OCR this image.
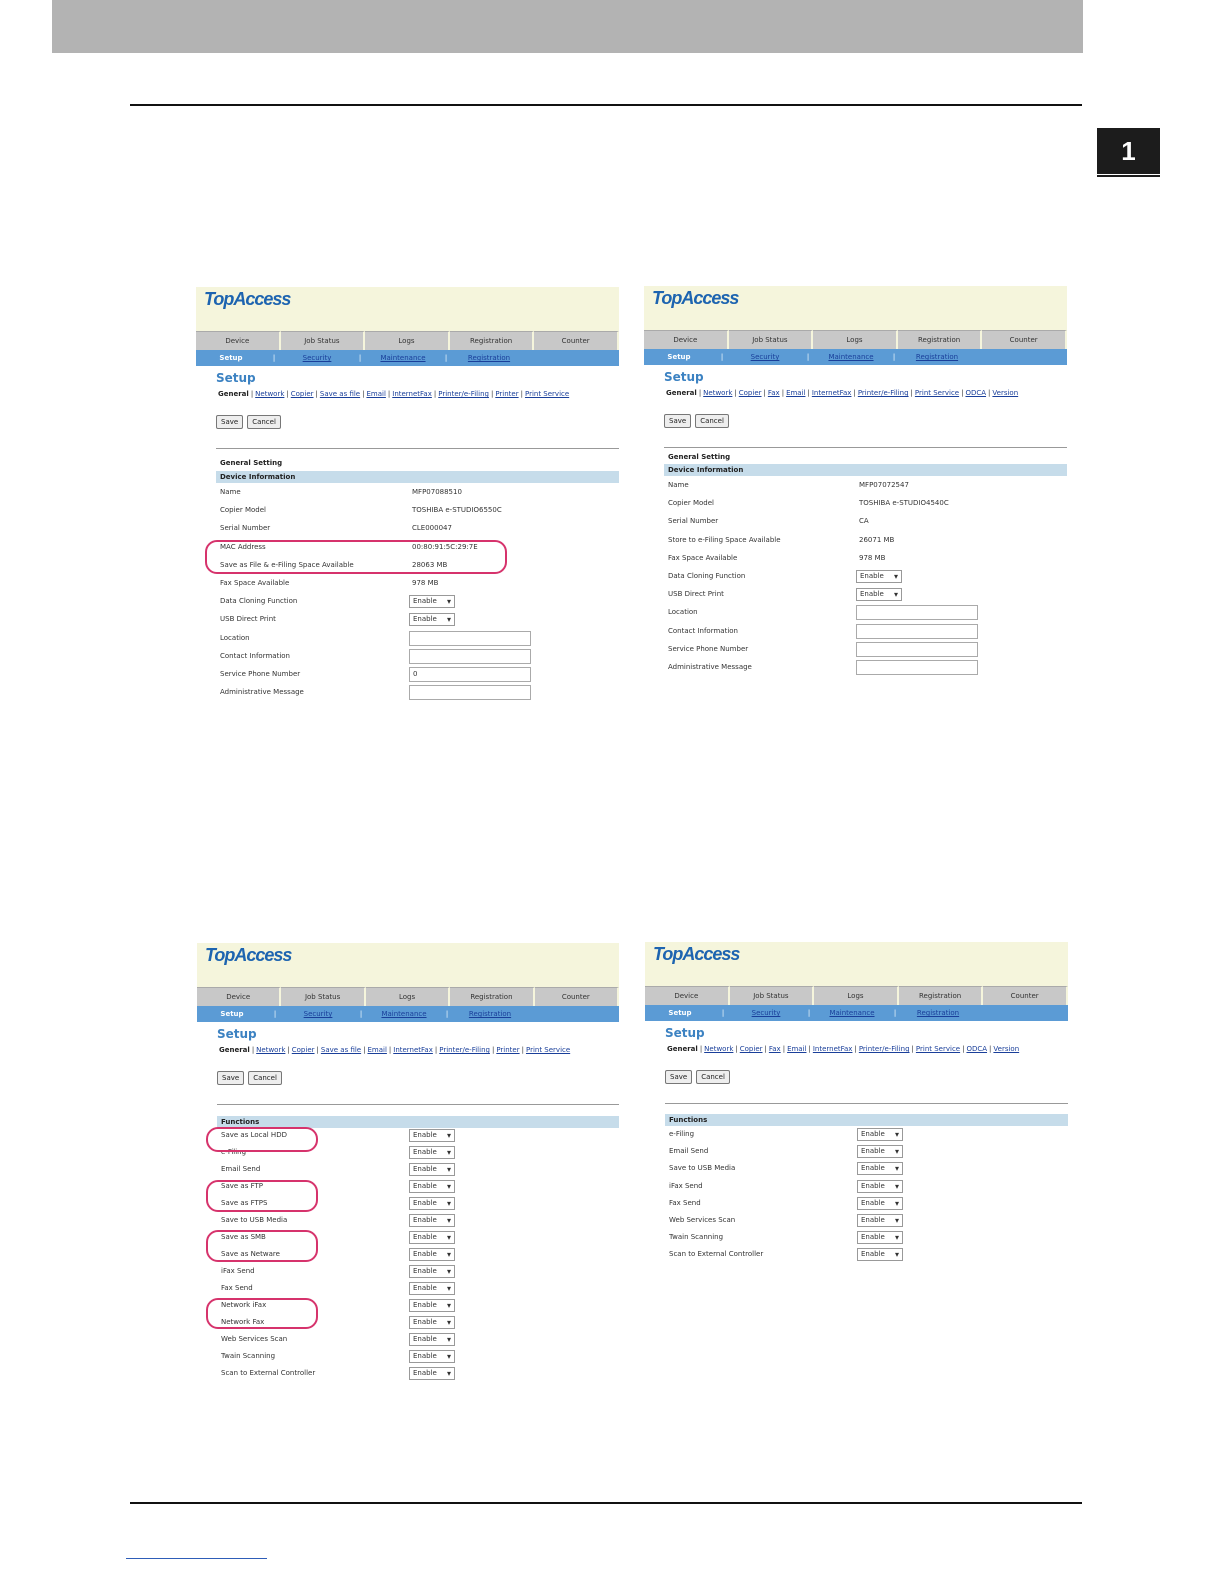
1
TopAccess
Device	Job Status	Logs	Registration	Counter
Setup	|	Security	|	Maintenance	|	Registration
Setup
General | Network | Copier | Save as file | Email | InternetFax | Printer/e-Filing | Printer | Print Service
Save	Cancel
General Setting
Device Information
Name	MFP07088510
Copier Model	TOSHIBA e-STUDIO6550C
Serial Number	CLE000047
MAC Address	00:80:91:5C:29:7E
Save as File & e-Filing Space Available	28063 MB
Fax Space Available	978 MB
Data Cloning Function	Enable ▾
USB Direct Print	Enable ▾
Location
Contact Information
Service Phone Number	0
Administrative Message
TopAccess
Device	Job Status	Logs	Registration	Counter
Setup	|	Security	|	Maintenance	|	Registration
Setup
General | Network | Copier | Fax | Email | InternetFax | Printer/e-Filing | Print Service | ODCA | Version
Save	Cancel
General Setting
Device Information
Name	MFP07072547
Copier Model	TOSHIBA e-STUDIO4540C
Serial Number	CA
Store to e-Filing Space Available	26071 MB
Fax Space Available	978 MB
Data Cloning Function	Enable ▾
USB Direct Print	Enable ▾
Location
Contact Information
Service Phone Number
Administrative Message
TopAccess
Device	Job Status	Logs	Registration	Counter
Setup	|	Security	|	Maintenance	|	Registration
Setup
General | Network | Copier | Save as file | Email | InternetFax | Printer/e-Filing | Printer | Print Service
Save	Cancel
Functions
Save as Local HDD	Enable ▾
e-Filing	Enable ▾
Email Send	Enable ▾
Save as FTP	Enable ▾
Save as FTPS	Enable ▾
Save to USB Media	Enable ▾
Save as SMB	Enable ▾
Save as Netware	Enable ▾
iFax Send	Enable ▾
Fax Send	Enable ▾
Network iFax	Enable ▾
Network Fax	Enable ▾
Web Services Scan	Enable ▾
Twain Scanning	Enable ▾
Scan to External Controller	Enable ▾
TopAccess
Device	Job Status	Logs	Registration	Counter
Setup	|	Security	|	Maintenance	|	Registration
Setup
General | Network | Copier | Fax | Email | InternetFax | Printer/e-Filing | Print Service | ODCA | Version
Save	Cancel
Functions
e-Filing	Enable ▾
Email Send	Enable ▾
Save to USB Media	Enable ▾
iFax Send	Enable ▾
Fax Send	Enable ▾
Web Services Scan	Enable ▾
Twain Scanning	Enable ▾
Scan to External Controller	Enable ▾
